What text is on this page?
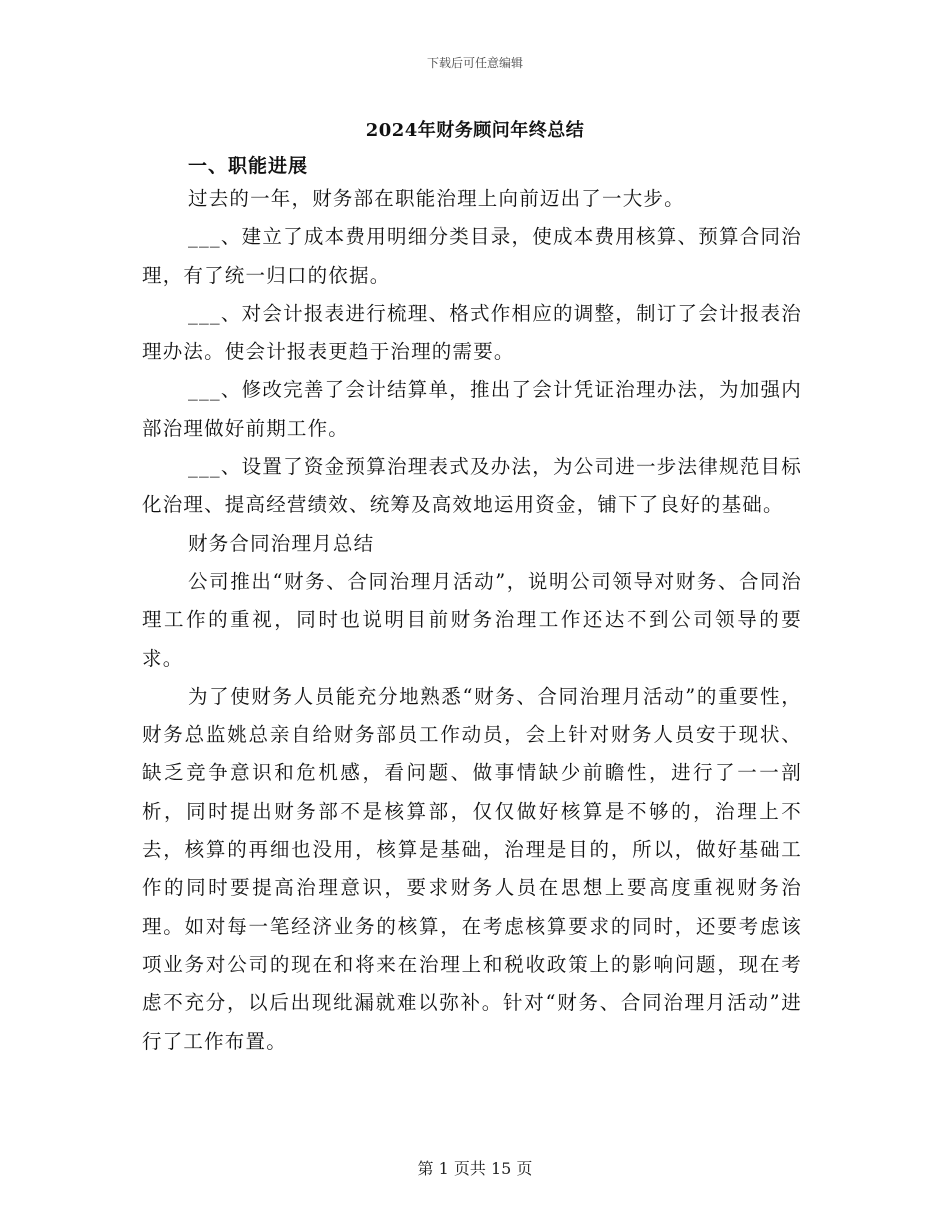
下载后可任意编辑
2024年财务顾问年终总结
一、职能进展

过去的一年，财务部在职能治理上向前迈出了一大步。

___、建立了成本费用明细分类目录，使成本费用核算、预算合同治理，有了统一归口的依据。

___、对会计报表进行梳理、格式作相应的调整，制订了会计报表治理办法。使会计报表更趋于治理的需要。

___、修改完善了会计结算单，推出了会计凭证治理办法，为加强内部治理做好前期工作。

___、设置了资金预算治理表式及办法，为公司进一步法律规范目标化治理、提高经营绩效、统筹及高效地运用资金，铺下了良好的基础。

财务合同治理月总结

公司推出“财务、合同治理月活动”，说明公司领导对财务、合同治理工作的重视，同时也说明目前财务治理工作还达不到公司领导的要求。

为了使财务人员能充分地熟悉“财务、合同治理月活动”的重要性，财务总监姚总亲自给财务部员工作动员，会上针对财务人员安于现状、缺乏竞争意识和危机感，看问题、做事情缺少前瞻性，进行了一一剖析，同时提出财务部不是核算部，仅仅做好核算是不够的，治理上不去，核算的再细也没用，核算是基础，治理是目的，所以，做好基础工作的同时要提高治理意识，要求财务人员在思想上要高度重视财务治理。如对每一笔经济业务的核算，在考虑核算要求的同时，还要考虑该项业务对公司的现在和将来在治理上和税收政策上的影响问题，现在考虑不充分，以后出现纰漏就难以弥补。针对“财务、合同治理月活动”进行了工作布置。

第 1 页共 15 页
